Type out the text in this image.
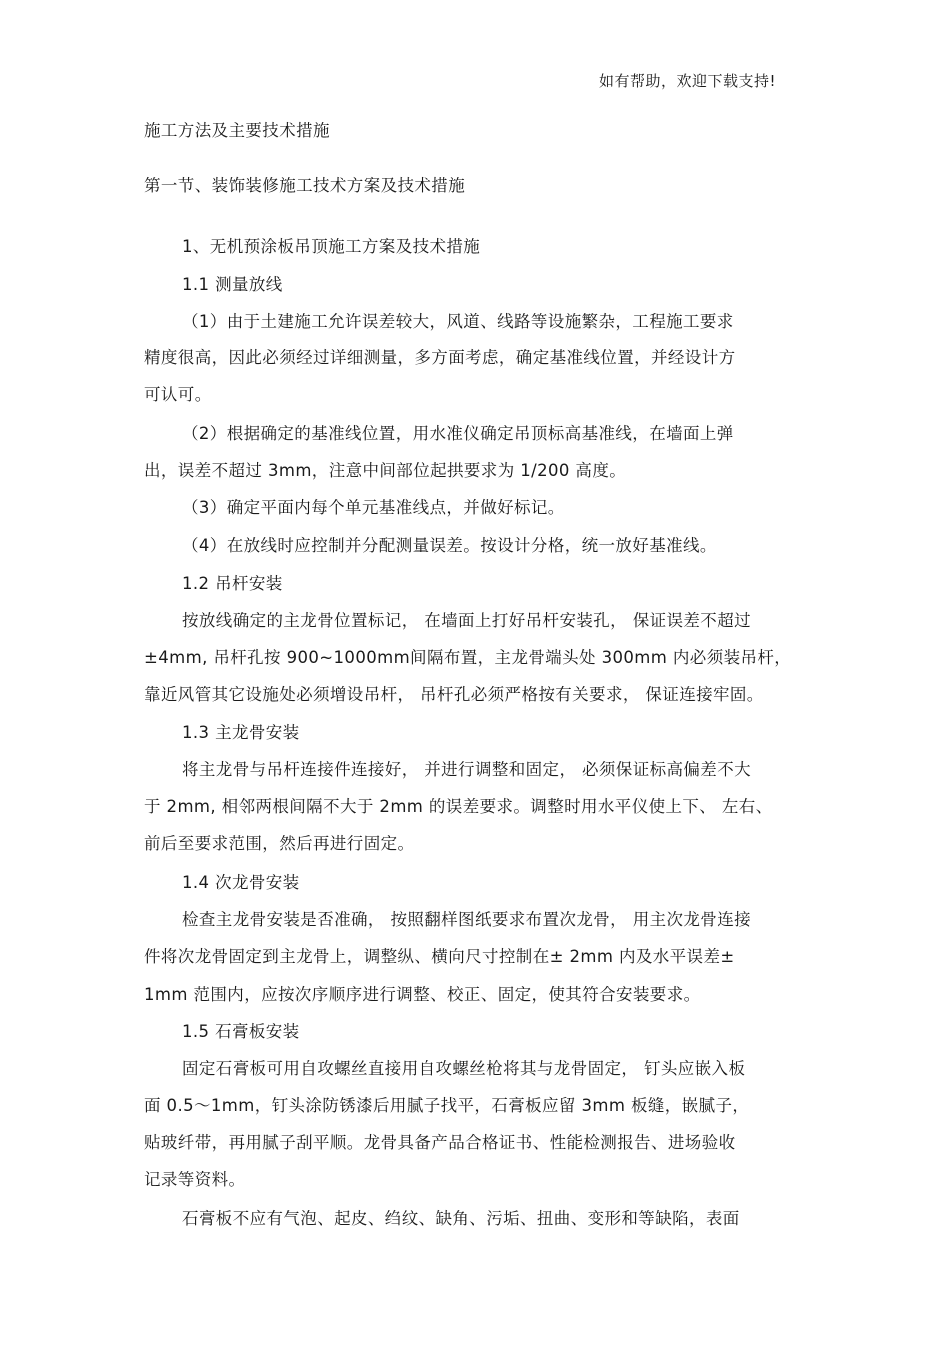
如有帮助，欢迎下载支持!
施工方法及主要技术措施
第一节、装饰装修施工技术方案及技术措施
1、无机预涂板吊顶施工方案及技术措施
1.1 测量放线
（1）由于土建施工允许误差较大，风道、线路等设施繁杂，工程施工要求
精度很高，因此必须经过详细测量，多方面考虑，确定基准线位置，并经设计方
可认可。
（2）根据确定的基准线位置，用水准仪确定吊顶标高基准线，在墙面上弹
出，误差不超过 3mm，注意中间部位起拱要求为 1/200 高度。
（3）确定平面内每个单元基准线点，并做好标记。
（4）在放线时应控制并分配测量误差。按设计分格，统一放好基准线。
1.2 吊杆安装
按放线确定的主龙骨位置标记， 在墙面上打好吊杆安装孔， 保证误差不超过
±4mm, 吊杆孔按 900~1000mm间隔布置，主龙骨端头处 300mm 内必须装吊杆，
靠近风管其它设施处必须增设吊杆， 吊杆孔必须严格按有关要求， 保证连接牢固。
1.3 主龙骨安装
将主龙骨与吊杆连接件连接好， 并进行调整和固定， 必须保证标高偏差不大
于 2mm, 相邻两根间隔不大于 2mm 的误差要求。调整时用水平仪使上下、 左右、
前后至要求范围，然后再进行固定。
1.4 次龙骨安装
检查主龙骨安装是否准确， 按照翻样图纸要求布置次龙骨， 用主次龙骨连接
件将次龙骨固定到主龙骨上，调整纵、横向尺寸控制在± 2mm 内及水平误差±
1mm 范围内，应按次序顺序进行调整、校正、固定，使其符合安装要求。
1.5 石膏板安装
固定石膏板可用自攻螺丝直接用自攻螺丝枪将其与龙骨固定， 钉头应嵌入板
面 0.5～1mm，钉头涂防锈漆后用腻子找平，石膏板应留 3mm 板缝，嵌腻子，
贴玻纤带，再用腻子刮平顺。龙骨具备产品合格证书、性能检测报告、进场验收
记录等资料。
石膏板不应有气泡、起皮、绉纹、缺角、污垢、扭曲、变形和等缺陷，表面
